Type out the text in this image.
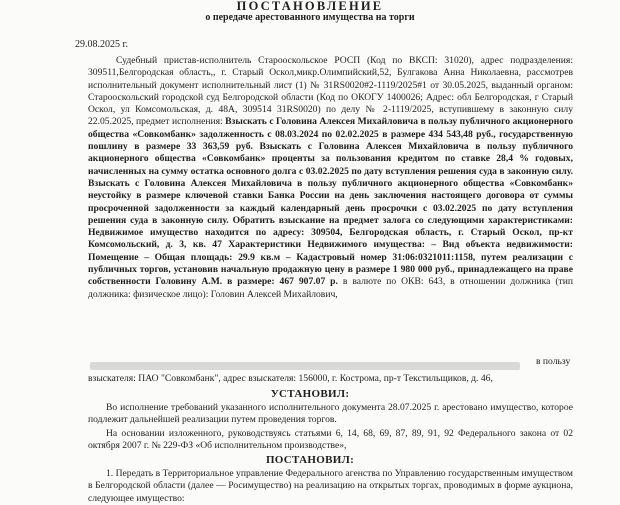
ПОСТАНОВЛЕНИЕ
о передаче арестованного имущества на торги
29.08.2025 г.
Судебный пристав-исполнитель Старооскольское РОСП (Код по ВКСП: 31020), адрес подразделения: 309511,Белгородская область,, г. Старый Оскол,микр.Олимпийский,52, Булгакова Анна Николаевна, рассмотрев исполнительный документ исполнительный лист (1) № 31RS0020#2-1119/2025#1 от 30.05.2025, выданный органом: Старооскольский городской суд Белгородской области (Код по ОКОГУ 1400026; Адрес: обл Белгородская, г Старый Оскол, ул Комсомольская, д. 48А, 309514 31RS0020) по делу № 2-1119/2025, вступившему в законную силу 22.05.2025, предмет исполнения: Взыскать с Головина Алексея Михайловича в пользу публичного акционерного общества «Совкомбанк» задолженность с 08.03.2024 по 02.02.2025 в размере 434 543,48 руб., государственную пошлину в размере 33 363,59 руб. Взыскать с Головина Алексея Михайловича в пользу публичного акционерного общества «Совкомбанк» проценты за пользования кредитом по ставке 28,4 % годовых, начисленных на сумму остатка основного долга с 03.02.2025 по дату вступления решения суда в законную силу. Взыскать с Головина Алексея Михайловича в пользу публичного акционерного общества «Совкомбанк» неустойку в размере ключевой ставки Банка России на день заключения настоящего договора от суммы просроченной задолженности за каждый календарный день просрочки с 03.02.2025 по дату вступления решения суда в законную силу. Обратить взыскание на предмет залога со следующими характеристиками: Недвижимое имущество находится по адресу: 309504, Белгородская область, г. Старый Оскол, пр-кт Комсомольский, д. 3, кв. 47 Характеристики Недвижимого имущества: – Вид объекта недвижимости: Помещение – Общая площадь: 29.9 кв.м – Кадастровый номер 31:06:0321011:1158, путем реализации с публичных торгов, установив начальную продажную цену в размере 1 980 000 руб., принадлежащего на праве собственности Головину А.М. в размере: 467 907.07 р. в валюте по ОКВ: 643, в отношении должника (тип должника: физическое лицо): Головин Алексей Михайлович,
в пользу
взыскателя: ПАО "Совкомбанк", адрес взыскателя: 156000, г. Кострома, пр-т Текстильщиков, д. 46,
УСТАНОВИЛ:
Во исполнение требований указанного исполнительного документа 28.07.2025 г. арестовано имущество, которое подлежит дальнейшей реализации путем проведения торгов.
На основании изложенного, руководствуясь статьями 6, 14, 68, 69, 87, 89, 91, 92 Федерального закона от 02 октября 2007 г. № 229-ФЗ «Об исполнительном производстве»,
ПОСТАНОВИЛ:
1. Передать в Территориальное управление Федерального агенства по Управлению государственным имуществом в Белгородской области (далее — Росимущество) на реализацию на открытых торгах, проводимых в форме аукциона, следующее имущество:
